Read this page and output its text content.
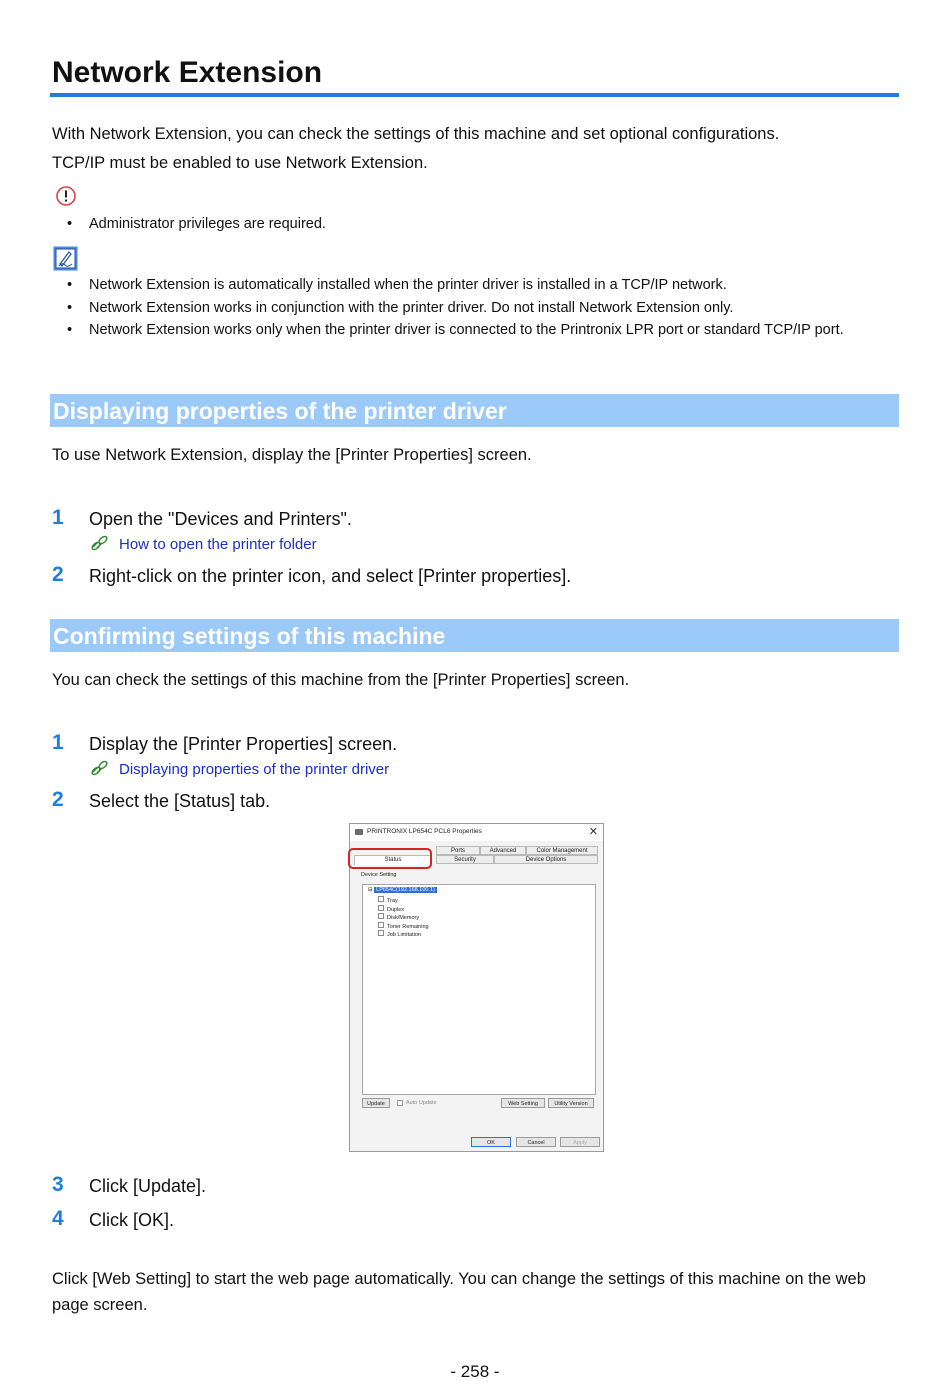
Network Extension
With Network Extension, you can check the settings of this machine and set optional configurations.
TCP/IP must be enabled to use Network Extension.
• Administrator privileges are required.
• Network Extension is automatically installed when the printer driver is installed in a TCP/IP network.
• Network Extension works in conjunction with the printer driver. Do not install Network Extension only.
• Network Extension works only when the printer driver is connected to the Printronix LPR port or standard TCP/IP port.
Displaying properties of the printer driver
To use Network Extension, display the [Printer Properties] screen.
1 Open the "Devices and Printers".
How to open the printer folder
2 Right-click on the printer icon, and select [Printer properties].
Confirming settings of this machine
You can check the settings of this machine from the [Printer Properties] screen.
1 Display the [Printer Properties] screen.
Displaying properties of the printer driver
2 Select the [Status] tab.
PRINTRONIX LP654C PCL6 Properties	✕
Ports	Advanced	Color Management
Status	Security	Device Options
Device Setting
⊟ LP654C(192.168.100.1)
Tray
Duplex
Disk/Memory
Toner Remaining
Job Limitation
Update	Auto Update	Web Setting	Utility Version
OK	Cancel	Apply
3 Click [Update].
4 Click [OK].
Click [Web Setting] to start the web page automatically. You can change the settings of this machine on the web page screen.
- 258 -
